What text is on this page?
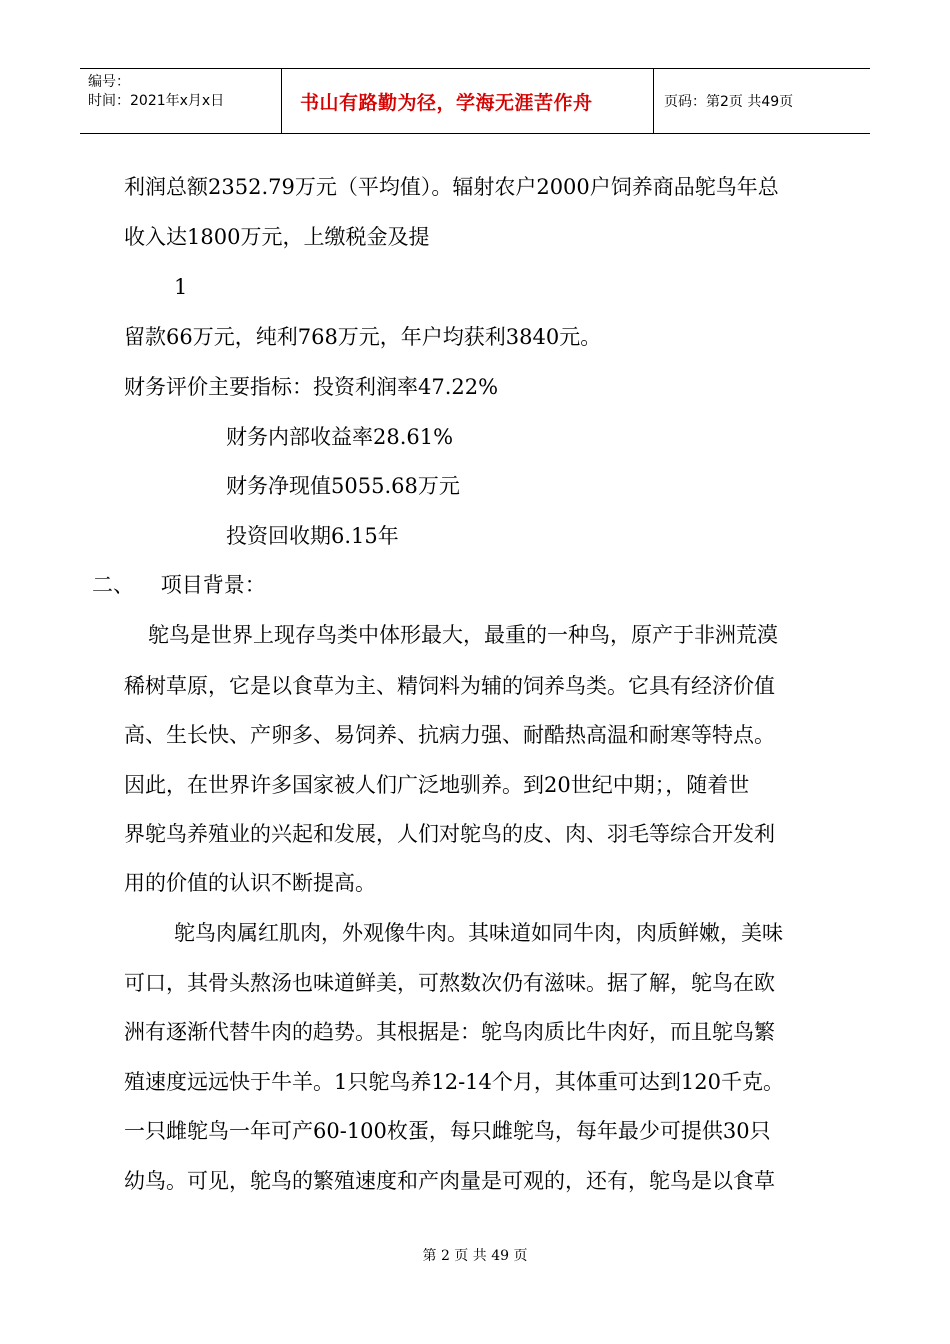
编号：
时间：2021年x月x日	书山有路勤为径，学海无涯苦作舟	页码：第2页 共49页
利润总额2352.79万元（平均值）。辐射农户2000户饲养商品鸵鸟年总
收入达1800万元，上缴税金及提
1
留款66万元，纯利768万元，年户均获利3840元。
财务评价主要指标：投资利润率47.22%
财务内部收益率28.61%
财务净现值5055.68万元
投资回收期6.15年
二、    项目背景：
鸵鸟是世界上现存鸟类中体形最大，最重的一种鸟，原产于非洲荒漠
稀树草原，它是以食草为主、精饲料为辅的饲养鸟类。它具有经济价值
高、生长快、产卵多、易饲养、抗病力强、耐酷热高温和耐寒等特点。
因此，在世界许多国家被人们广泛地驯养。到20世纪中期；，随着世
界鸵鸟养殖业的兴起和发展，人们对鸵鸟的皮、肉、羽毛等综合开发利
用的价值的认识不断提高。
鸵鸟肉属红肌肉，外观像牛肉。其味道如同牛肉，肉质鲜嫩，美味
可口，其骨头熬汤也味道鲜美，可熬数次仍有滋味。据了解，鸵鸟在欧
洲有逐渐代替牛肉的趋势。其根据是：鸵鸟肉质比牛肉好，而且鸵鸟繁
殖速度远远快于牛羊。1只鸵鸟养12-14个月，其体重可达到120千克。
一只雌鸵鸟一年可产60-100枚蛋，每只雌鸵鸟，每年最少可提供30只
幼鸟。可见，鸵鸟的繁殖速度和产肉量是可观的，还有，鸵鸟是以食草
第 2 页 共 49 页
